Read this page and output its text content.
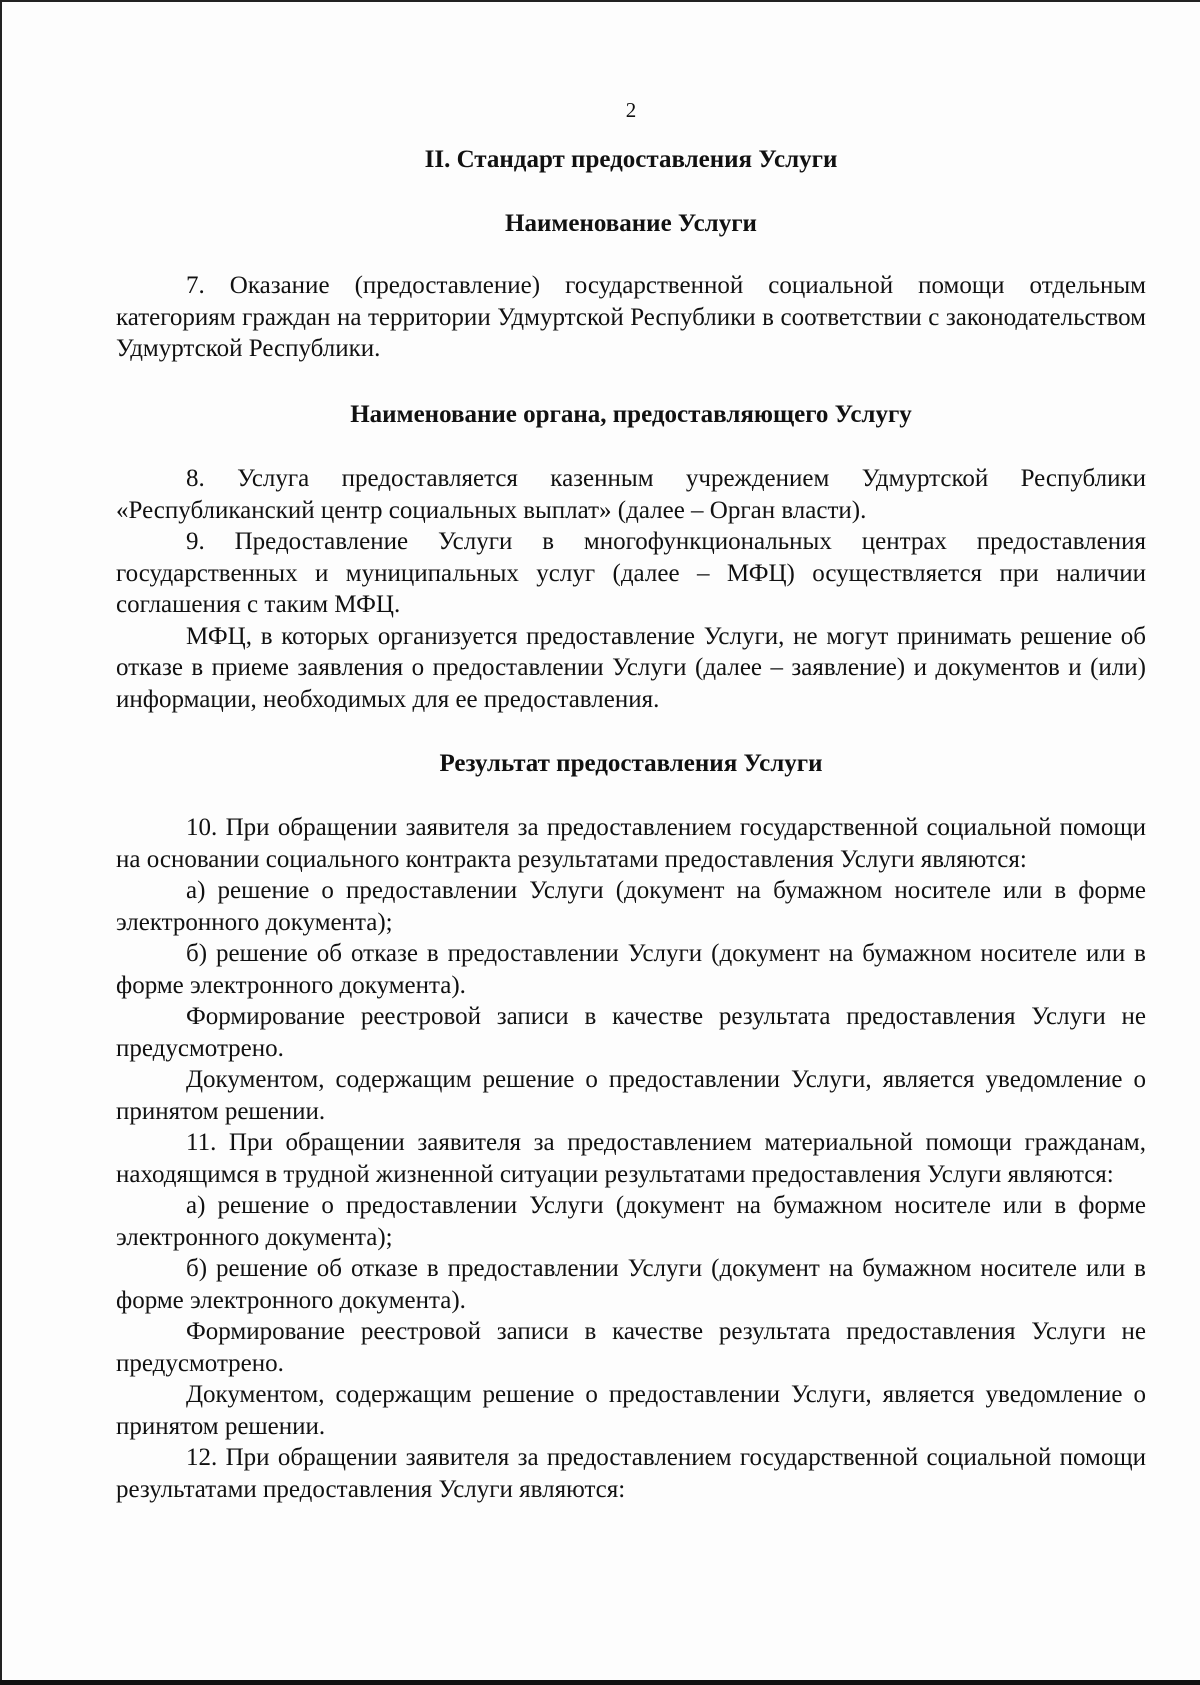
2
II. Стандарт предоставления Услуги
Наименование Услуги

7. Оказание (предоставление) государственной социальной помощи отдельным категориям граждан на территории Удмуртской Республики в соответствии с законодательством Удмуртской Республики.

Наименование органа, предоставляющего Услугу

8. Услуга предоставляется казенным учреждением Удмуртской Республики «Республиканский центр социальных выплат» (далее – Орган власти).

9. Предоставление Услуги в многофункциональных центрах предоставления государственных и муниципальных услуг (далее – МФЦ) осуществляется при наличии соглашения с таким МФЦ.

МФЦ, в которых организуется предоставление Услуги, не могут принимать решение об отказе в приеме заявления о предоставлении Услуги (далее – заявление) и документов и (или) информации, необходимых для ее предоставления.

Результат предоставления Услуги

10. При обращении заявителя за предоставлением государственной социальной помощи на основании социального контракта результатами предоставления Услуги являются:

а) решение о предоставлении Услуги (документ на бумажном носителе или в форме электронного документа);

б) решение об отказе в предоставлении Услуги (документ на бумажном носителе или в форме электронного документа).

Формирование реестровой записи в качестве результата предоставления Услуги не предусмотрено.

Документом, содержащим решение о предоставлении Услуги, является уведомление о принятом решении.

11. При обращении заявителя за предоставлением материальной помощи гражданам, находящимся в трудной жизненной ситуации результатами предоставления Услуги являются:

а) решение о предоставлении Услуги (документ на бумажном носителе или в форме электронного документа);

б) решение об отказе в предоставлении Услуги (документ на бумажном носителе или в форме электронного документа).

Формирование реестровой записи в качестве результата предоставления Услуги не предусмотрено.

Документом, содержащим решение о предоставлении Услуги, является уведомление о принятом решении.

12. При обращении заявителя за предоставлением государственной социальной помощи результатами предоставления Услуги являются:
